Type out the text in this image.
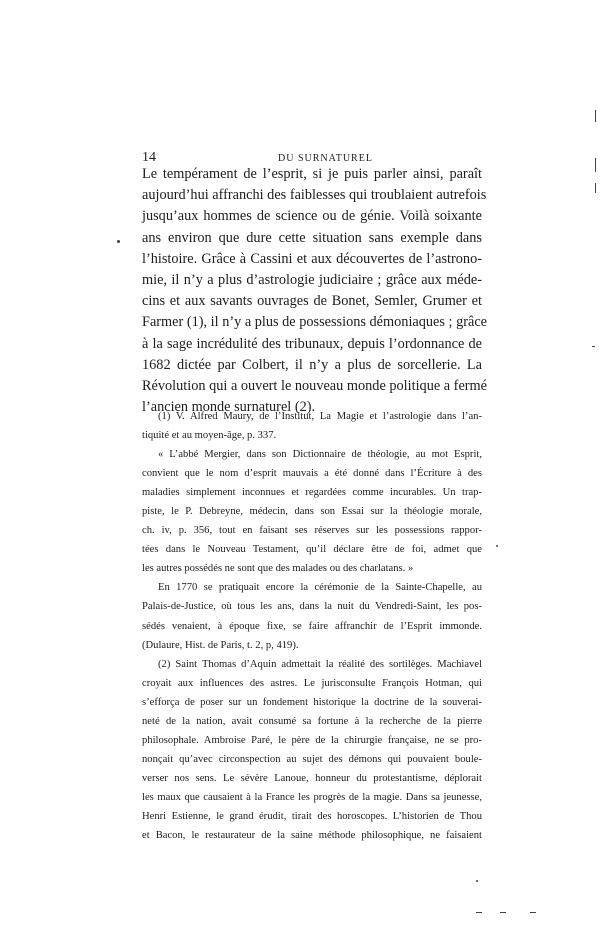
14	DU SURNATUREL
Le tempérament de l’esprit, si je puis parler ainsi, paraît
aujourd’hui affranchi des faiblesses qui troublaient autrefois
jusqu’aux hommes de science ou de génie. Voilà soixante
ans environ que dure cette situation sans exemple dans
l’histoire. Grâce à Cassini et aux découvertes de l’astrono-
mie, il n’y a plus d’astrologie judiciaire ; grâce aux méde-
cins et aux savants ouvrages de Bonet, Semler, Grumer et
Farmer (1), il n’y a plus de possessions démoniaques ; grâce
à la sage incrédulité des tribunaux, depuis l’ordonnance de
1682 dictée par Colbert, il n’y a plus de sorcellerie. La
Révolution qui a ouvert le nouveau monde politique a fermé
l’ancien monde surnaturel (2).
(1) V. Alfred Maury, de l’Institut, La Magie et l’astrologie dans l’an-
tiquité et au moyen-âge, p. 337.
« L’abbé Mergier, dans son Dictionnaire de théologie, au mot Esprit,
convient que le nom d’esprit mauvais a été donné dans l’Écriture à des
maladies simplement inconnues et regardées comme incurables. Un trap-
piste, le P. Debreyne, médecin, dans son Essai sur la théologie morale,
ch. iv, p. 356, tout en faisant ses réserves sur les possessions rappor-
tées dans le Nouveau Testament, qu’il déclare être de foi, admet que
les autres possédés ne sont que des malades ou des charlatans. »
En 1770 se pratiquait encore la cérémonie de la Sainte-Chapelle, au
Palais-de-Justice, où tous les ans, dans la nuit du Vendredi-Saint, les pos-
sédés venaient, à époque fixe, se faire affranchir de l’Esprit immonde.
(Dulaure, Hist. de Paris, t. 2, p, 419).
(2) Saint Thomas d’Aquin admettait la réalité des sortilèges. Machiavel
croyait aux influences des astres. Le jurisconsulte François Hotman, qui
s’efforça de poser sur un fondement historique la doctrine de la souverai-
neté de la nation, avait consumé sa fortune à la recherche de la pierre
philosophale. Ambroise Paré, le père de la chirurgie française, ne se pro-
nonçait qu’avec circonspection au sujet des démons qui pouvaient boule-
verser nos sens. Le sévère Lanoue, honneur du protestantisme, déplorait
les maux que causaient à la France les progrès de la magie. Dans sa jeunesse,
Henri Estienne, le grand érudit, tirait des horoscopes. L’historien de Thou
et Bacon, le restaurateur de la saine méthode philosophique, ne faisaient
